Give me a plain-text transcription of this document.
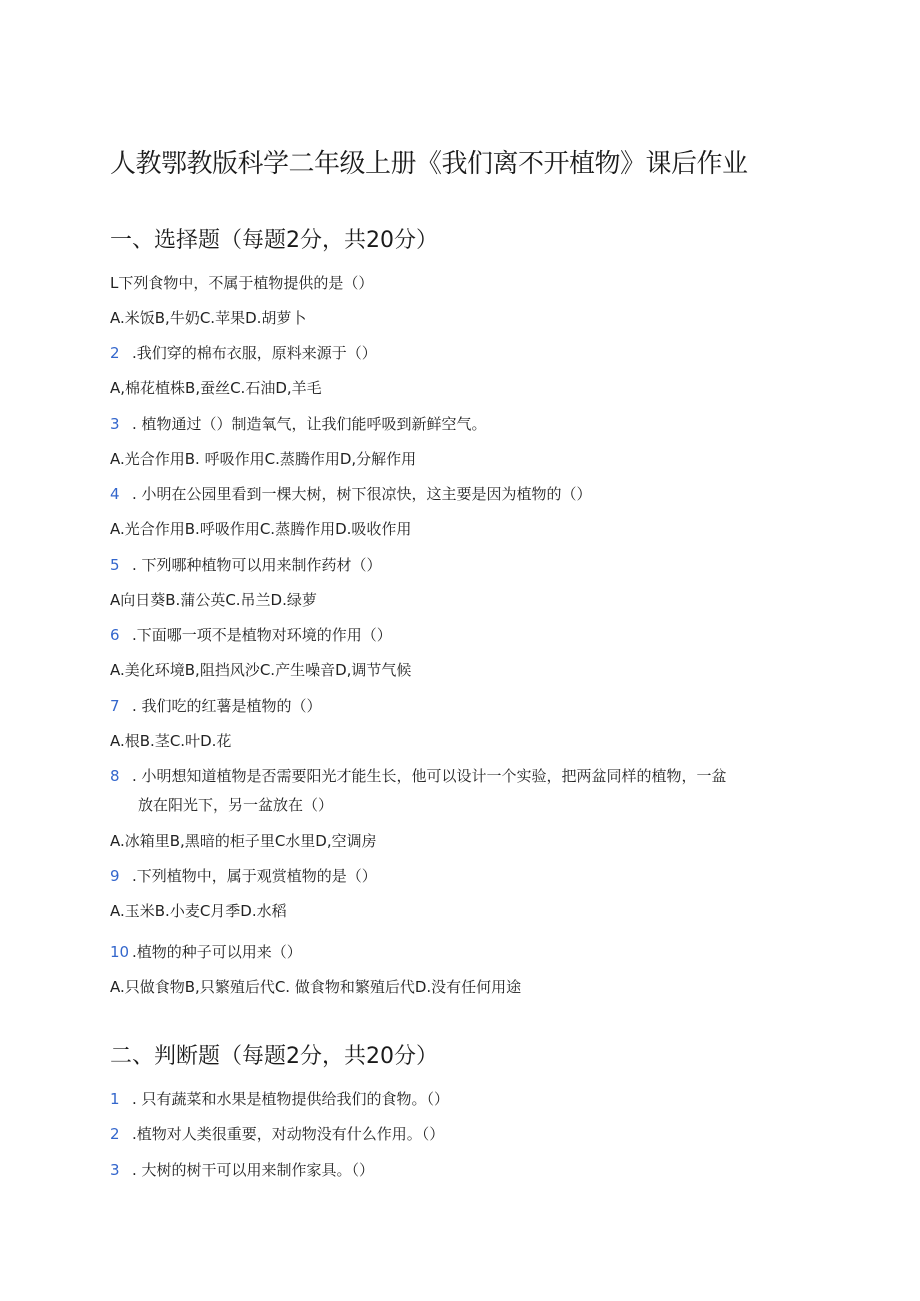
人教鄂教版科学二年级上册《我们离不开植物》课后作业
一、选择题（每题2分，共20分）
L下列食物中，不属于植物提供的是（）
A.米饭B,牛奶C.苹果D.胡萝卜
2 .我们穿的棉布衣服，原料来源于（）
A,棉花植株B,蚕丝C.石油D,羊毛
3 . 植物通过（）制造氧气，让我们能呼吸到新鲜空气。
A.光合作用B. 呼吸作用C.蒸腾作用D,分解作用
4 . 小明在公园里看到一棵大树，树下很凉快，这主要是因为植物的（）
A.光合作用B.呼吸作用C.蒸腾作用D.吸收作用
5 . 下列哪种植物可以用来制作药材（）
A向日葵B.蒲公英C.吊兰D.绿萝
6 .下面哪一项不是植物对环境的作用（）
A.美化环境B,阻挡风沙C.产生噪音D,调节气候
7 . 我们吃的红薯是植物的（）
A.根B.茎C.叶D.花
8 . 小明想知道植物是否需要阳光才能生长，他可以设计一个实验，把两盆同样的植物，一盆
放在阳光下，另一盆放在（）
A.冰箱里B,黑暗的柜子里C水里D,空调房
9 .下列植物中，属于观赏植物的是（）
A.玉米B.小麦C月季D.水稻
10 .植物的种子可以用来（）
A.只做食物B,只繁殖后代C. 做食物和繁殖后代D.没有任何用途
二、判断题（每题2分，共20分）
1 . 只有蔬菜和水果是植物提供给我们的食物。（）
2 .植物对人类很重要，对动物没有什么作用。（）
3 . 大树的树干可以用来制作家具。（）
